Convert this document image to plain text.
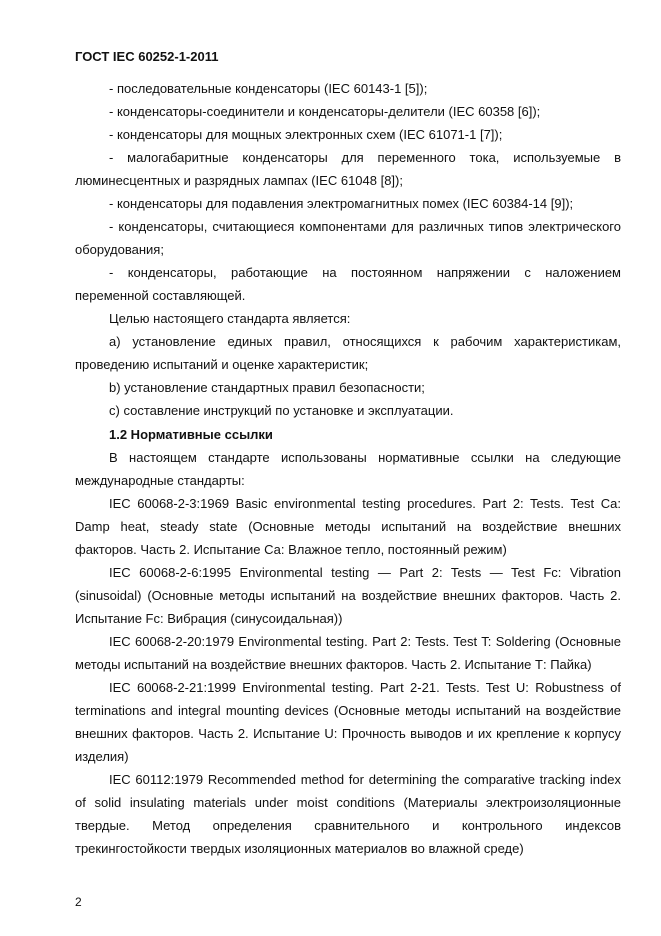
ГОСТ IEC 60252-1-2011

- последовательные конденсаторы (IEC 60143-1 [5]);

- конденсаторы-соединители и конденсаторы-делители (IEC 60358 [6]);

- конденсаторы для мощных электронных схем (IEC 61071-1 [7]);

- малогабаритные конденсаторы для переменного тока, используемые в люминесцентных и разрядных лампах (IEC 61048 [8]);

- конденсаторы для подавления электромагнитных помех (IEC 60384-14 [9]);

- конденсаторы, считающиеся компонентами для различных типов электрического оборудования;

- конденсаторы, работающие на постоянном напряжении с наложением переменной составляющей.

Целью настоящего стандарта является:

a) установление единых правил, относящихся к рабочим характеристикам, проведению испытаний и оценке характеристик;

b) установление стандартных правил безопасности;

c) составление инструкций по установке и эксплуатации.

1.2 Нормативные ссылки

В настоящем стандарте использованы нормативные ссылки на следующие международные стандарты:

IEC 60068-2-3:1969 Basic environmental testing procedures. Part 2: Tests. Test Ca: Damp heat, steady state (Основные методы испытаний на воздействие внешних факторов. Часть 2. Испытание Са: Влажное тепло, постоянный режим)

IEC 60068-2-6:1995 Environmental testing — Part 2: Tests — Test Fc: Vibration (sinusoidal) (Основные методы испытаний на воздействие внешних факторов. Часть 2. Испытание Fc: Вибрация (синусоидальная))

IEC 60068-2-20:1979 Environmental testing. Part 2: Tests. Test T: Soldering (Основные методы испытаний на воздействие внешних факторов. Часть 2. Испытание Т: Пайка)

IEC 60068-2-21:1999 Environmental testing. Part 2-21. Tests. Test U: Robustness of terminations and integral mounting devices (Основные методы испытаний на воздействие внешних факторов. Часть 2. Испытание U: Прочность выводов и их крепление к корпусу изделия)

IEC 60112:1979 Recommended method for determining the comparative tracking index of solid insulating materials under moist conditions (Материалы электроизоляционные твердые. Метод определения сравнительного и контрольного индексов трекингостойкости твердых изоляционных материалов во влажной среде)

2
